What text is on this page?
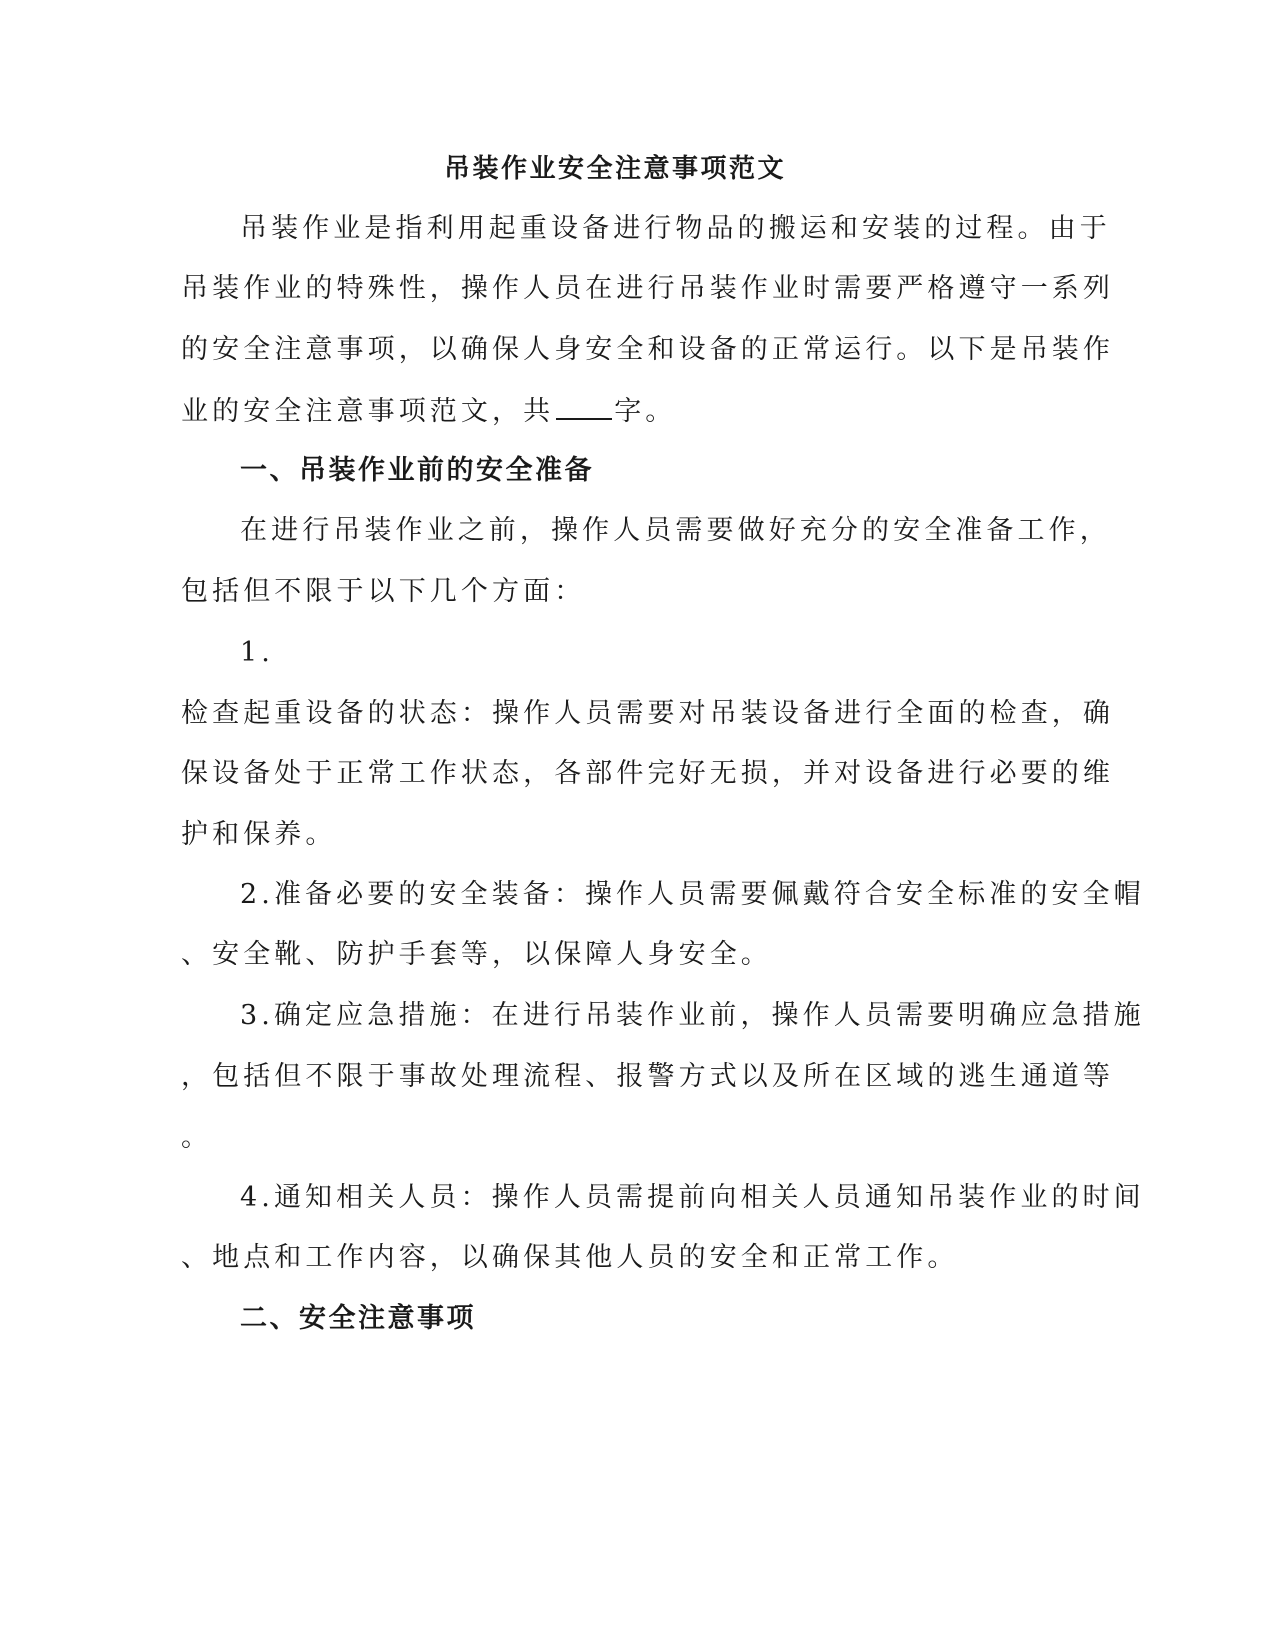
吊装作业安全注意事项范文
吊装作业是指利用起重设备进行物品的搬运和安装的过程。由于
吊装作业的特殊性，操作人员在进行吊装作业时需要严格遵守一系列
的安全注意事项，以确保人身安全和设备的正常运行。以下是吊装作
业的安全注意事项范文，共 字。
一、吊装作业前的安全准备
在进行吊装作业之前，操作人员需要做好充分的安全准备工作，
包括但不限于以下几个方面：
1.
检查起重设备的状态：操作人员需要对吊装设备进行全面的检查，确
保设备处于正常工作状态，各部件完好无损，并对设备进行必要的维
护和保养。
2.准备必要的安全装备：操作人员需要佩戴符合安全标准的安全帽
、安全靴、防护手套等，以保障人身安全。
3.确定应急措施：在进行吊装作业前，操作人员需要明确应急措施
，包括但不限于事故处理流程、报警方式以及所在区域的逃生通道等
。
4.通知相关人员：操作人员需提前向相关人员通知吊装作业的时间
、地点和工作内容，以确保其他人员的安全和正常工作。
二、安全注意事项
